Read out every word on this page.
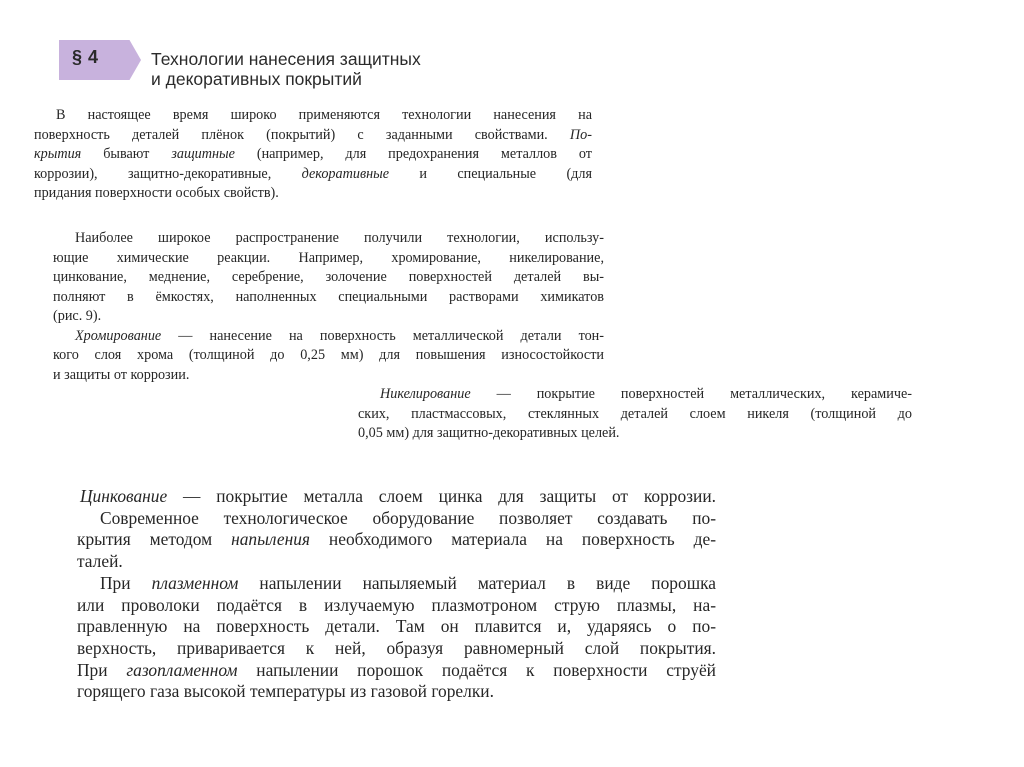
§ 4	Технологии нанесения защитных
и декоративных покрытий
В настоящее время широко применяются технологии нанесения на
поверхность деталей плёнок (покрытий) с заданными свойствами. По-
крытия бывают защитные (например, для предохранения металлов от
коррозии), защитно-декоративные, декоративные и специальные (для
придания поверхности особых свойств).
Наиболее широкое распространение получили технологии, использу-
ющие химические реакции. Например, хромирование, никелирование,
цинкование, меднение, серебрение, золочение поверхностей деталей вы-
полняют в ёмкостях, наполненных специальными растворами химикатов
(рис. 9).
Хромирование — нанесение на поверхность металлической детали тон-
кого слоя хрома (толщиной до 0,25 мм) для повышения износостойкости
и защиты от коррозии.
Никелирование — покрытие поверхностей металлических, керамиче-
ских, пластмассовых, стеклянных деталей слоем никеля (толщиной до
0,05 мм) для защитно-декоративных целей.
Цинкование — покрытие металла слоем цинка для защиты от коррозии.
Современное технологическое оборудование позволяет создавать по-
крытия методом напыления необходимого материала на поверхность де-
талей.
При плазменном напылении напыляемый материал в виде порошка
или проволоки подаётся в излучаемую плазмотроном струю плазмы, на-
правленную на поверхность детали. Там он плавится и, ударяясь о по-
верхность, приваривается к ней, образуя равномерный слой покрытия.
При газопламенном напылении порошок подаётся к поверхности струёй
горящего газа высокой температуры из газовой горелки.
